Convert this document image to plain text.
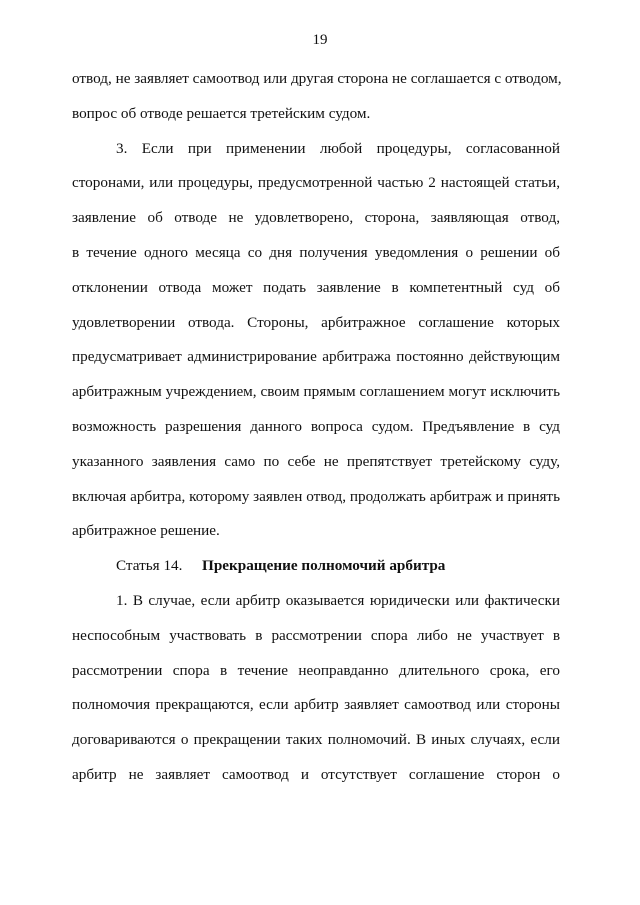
19
отвод, не заявляет самоотвод или другая сторона не соглашается с отводом,
вопрос об отводе решается третейским судом.
3. Если при применении любой процедуры, согласованной
сторонами, или процедуры, предусмотренной частью 2 настоящей статьи,
заявление об отводе не удовлетворено, сторона, заявляющая отвод,
в течение одного месяца со дня получения уведомления о решении об
отклонении отвода может подать заявление в компетентный суд об
удовлетворении отвода. Стороны, арбитражное соглашение которых
предусматривает администрирование арбитража постоянно действующим
арбитражным учреждением, своим прямым соглашением могут исключить
возможность разрешения данного вопроса судом. Предъявление в суд
указанного заявления само по себе не препятствует третейскому суду,
включая арбитра, которому заявлен отвод, продолжать арбитраж и принять
арбитражное решение.
Статья 14. Прекращение полномочий арбитра
1. В случае, если арбитр оказывается юридически или фактически
неспособным участвовать в рассмотрении спора либо не участвует в
рассмотрении спора в течение неоправданно длительного срока, его
полномочия прекращаются, если арбитр заявляет самоотвод или стороны
договариваются о прекращении таких полномочий. В иных случаях, если
арбитр не заявляет самоотвод и отсутствует соглашение сторон о
